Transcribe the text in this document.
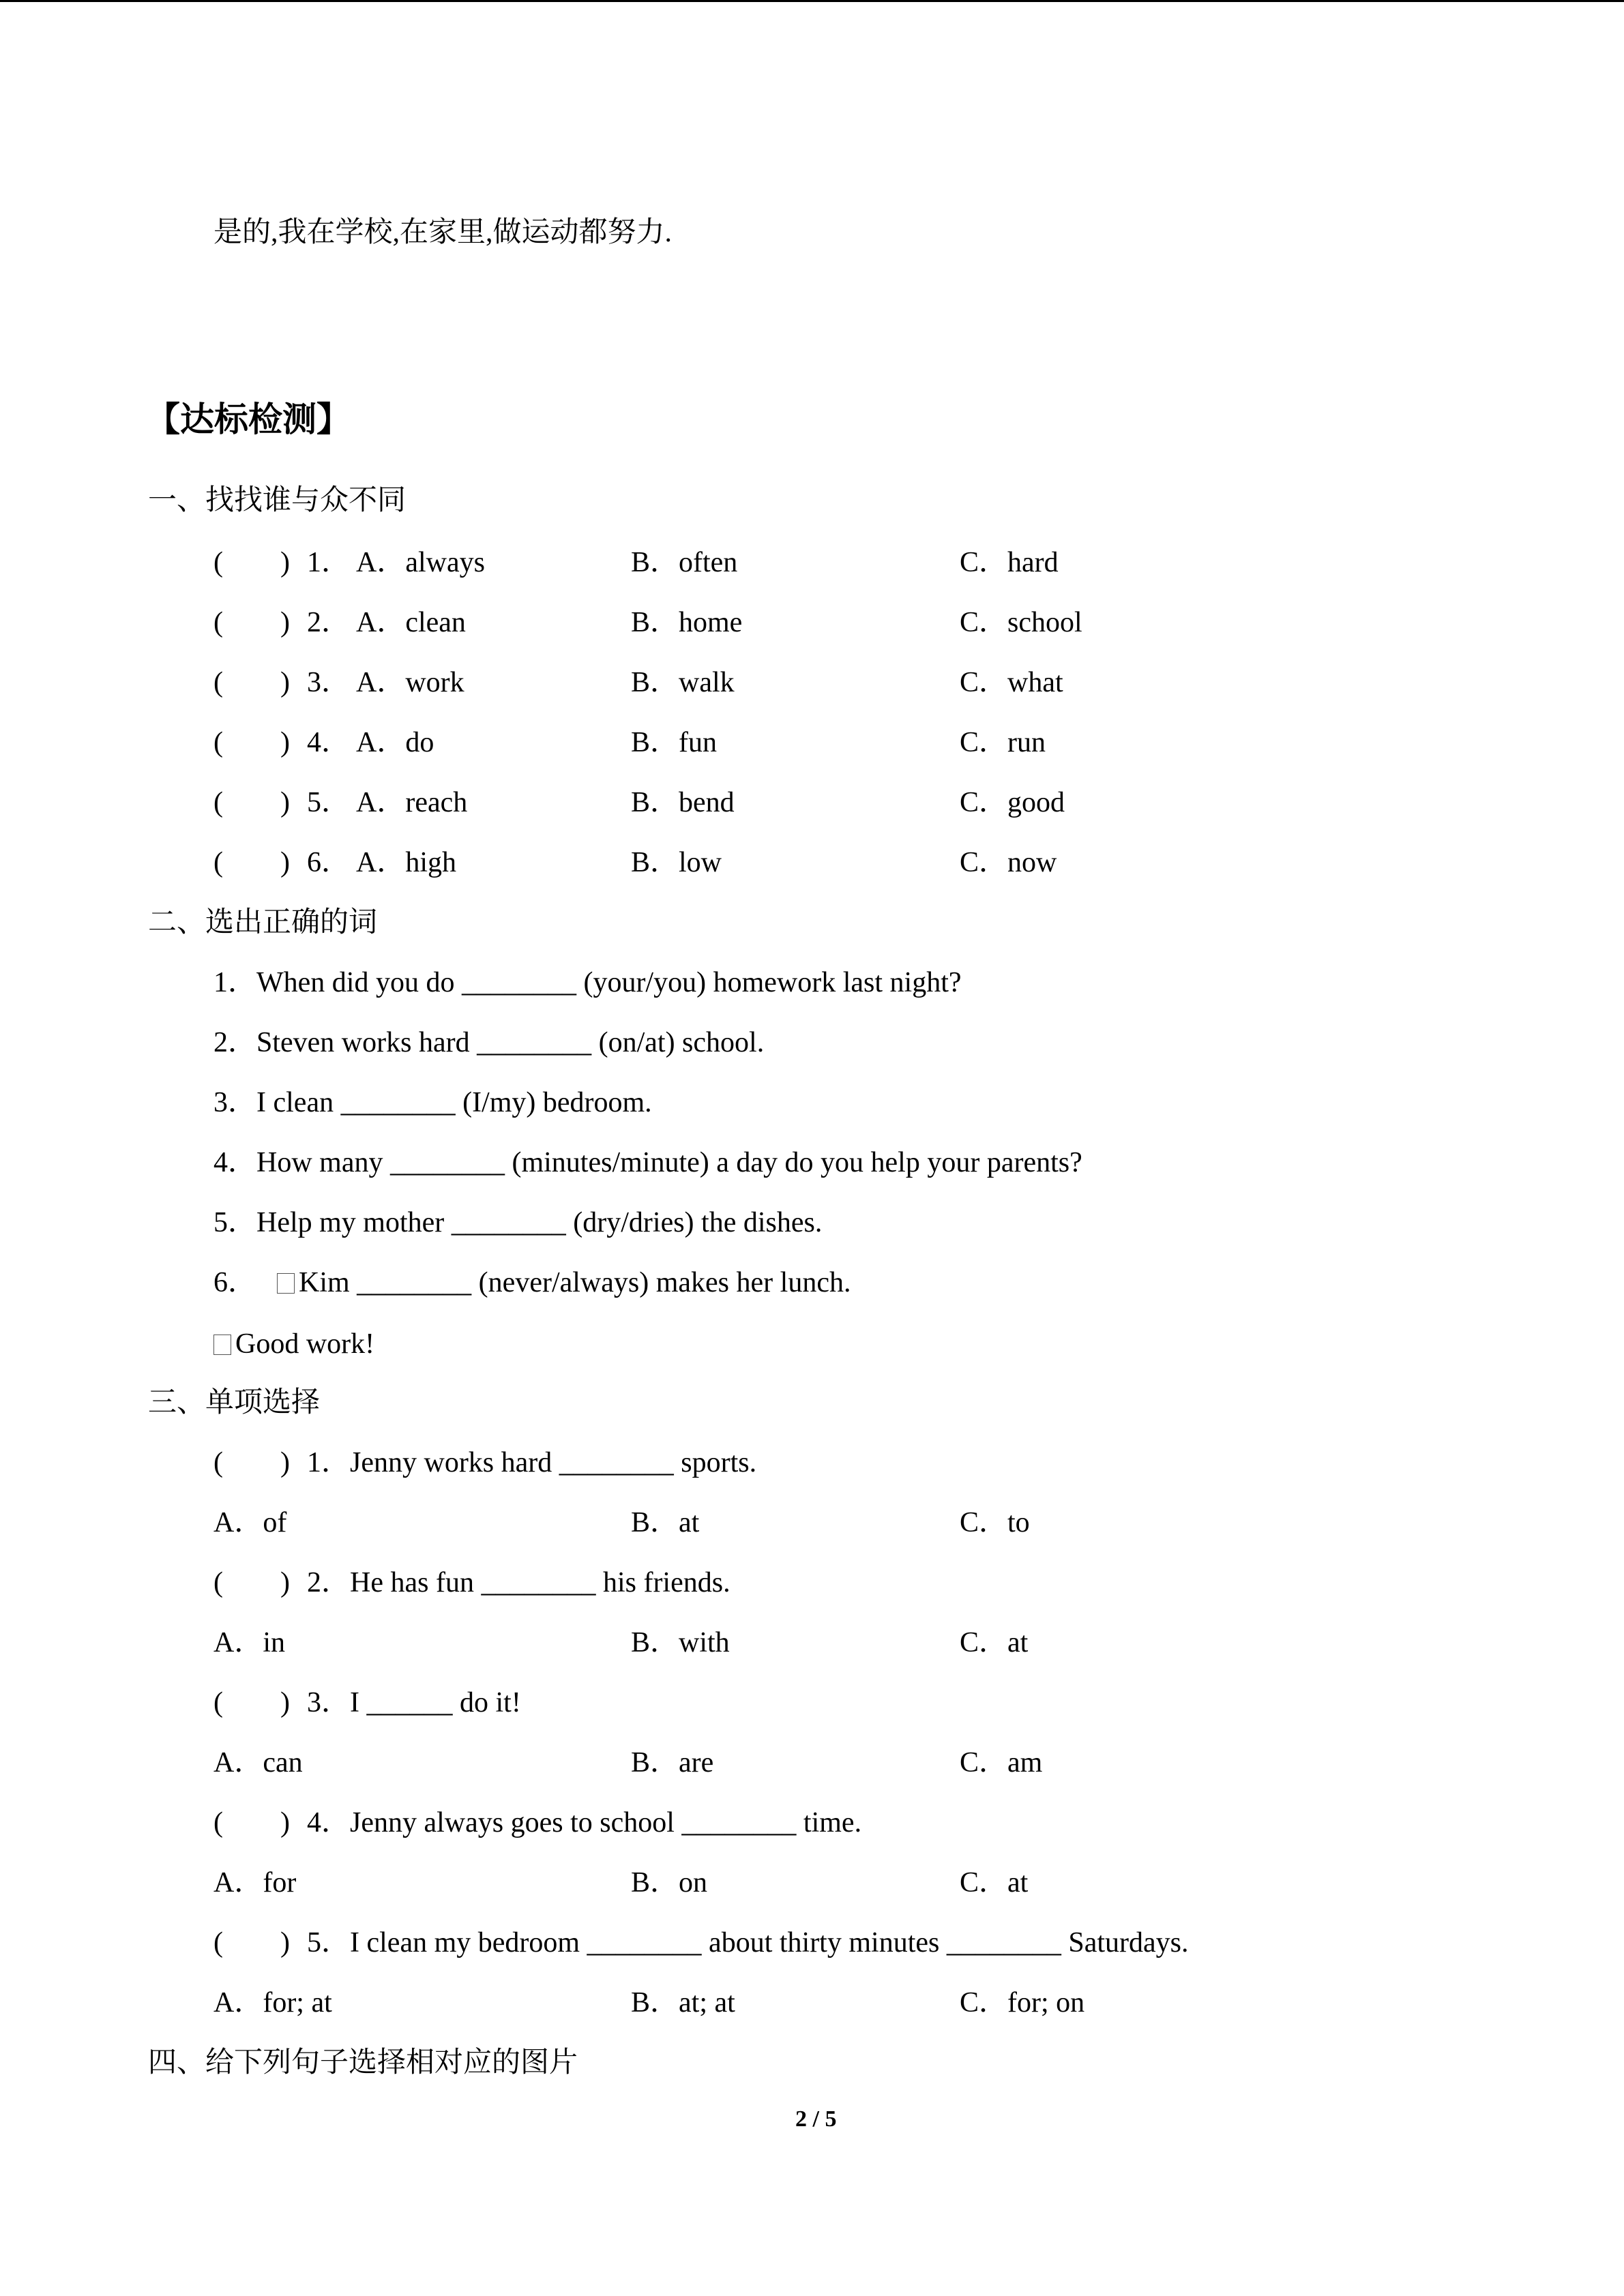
是的,我在学校,在家里,做运动都努力.
【达标检测】
一、找找谁与众不同
(        ) 1． A．always	B．often	C．hard
(        ) 2． A．clean	B．home	C．school
(        ) 3． A．work	B．walk	C．what
(        ) 4． A．do	B．fun	C．run
(        ) 5． A．reach	B．bend	C．good
(        ) 6． A．high	B．low	C．now
二、选出正确的词
1．When did you do ________ (your/you) homework last night?
2．Steven works hard ________ (on/at) school.
3．I clean ________ (I/my) bedroom.
4．How many ________ (minutes/minute) a day do you help your parents?
5．Help my mother ________ (dry/dries) the dishes.
6． Kim ________ (never/always) makes her lunch.
Good work!
三、单项选择
(        ) 1．Jenny works hard ________ sports.
A．of	B．at	C．to
(        ) 2．He has fun ________ his friends.
A．in	B．with	C．at
(        ) 3．I ______ do it!
A．can	B．are	C．am
(        ) 4．Jenny always goes to school ________ time.
A．for	B．on	C．at
(        ) 5．I clean my bedroom ________ about thirty minutes ________ Saturdays.
A．for; at	B．at; at	C．for; on
四、给下列句子选择相对应的图片
2 / 5
